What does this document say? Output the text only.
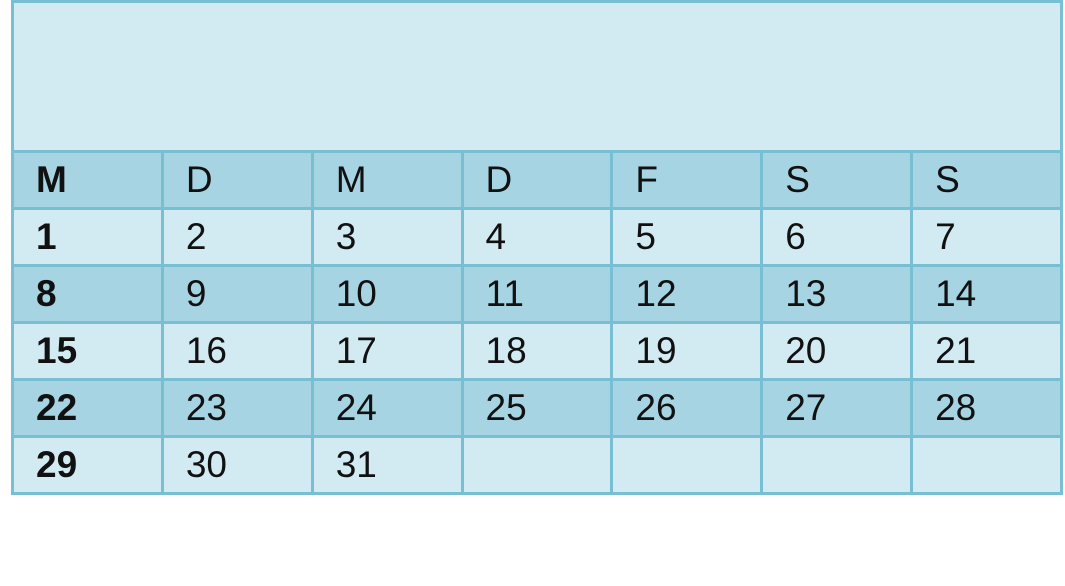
M	D	M	D	F	S	S
1	2	3	4	5	6	7
8	9	10	11	12	13	14
15	16	17	18	19	20	21
22	23	24	25	26	27	28
29	30	31				
